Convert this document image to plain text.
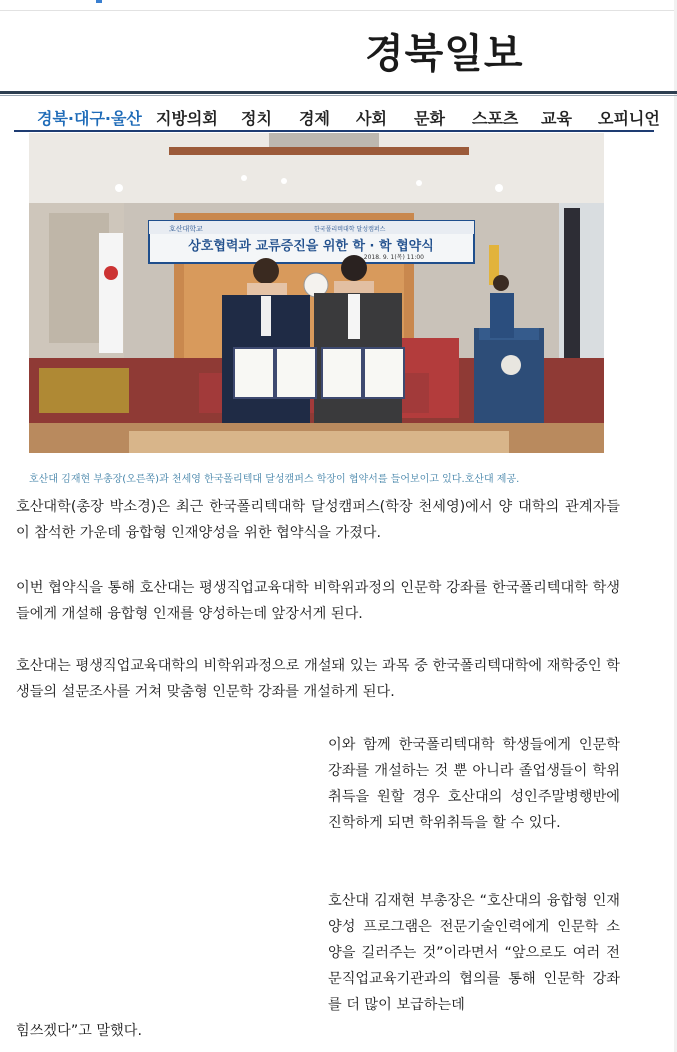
경북일보
경북·대구·울산 지방의회 정치 경제 사회 문화 스포츠 교육 오피니언
호산대학교	한국폴리텍대학 달성캠퍼스
상호협력과 교류증진을 위한 학 · 학 협약식
2018. 9. 1(목) 11:00
호산대 김재현 부총장(오른쪽)과 천세영 한국폴리텍대 달성캠퍼스 학장이 협약서를 들어보이고 있다.호산대 제공.
호산대학(총장 박소경)은 최근 한국폴리텍대학 달성캠퍼스(학장 천세영)에서 양 대학의 관계자들이 참석한 가운데 융합형 인재양성을 위한 협약식을 가졌다.
이번 협약식을 통해 호산대는 평생직업교육대학 비학위과정의 인문학 강좌를 한국폴리텍대학 학생들에게 개설해 융합형 인재를 양성하는데 앞장서게 된다.
호산대는 평생직업교육대학의 비학위과정으로 개설돼 있는 과목 중 한국폴리텍대학에 재학중인 학생들의 설문조사를 거쳐 맞춤형 인문학 강좌를 개설하게 된다.
이와 함께 한국폴리텍대학 학생들에게 인문학 강좌를 개설하는 것 뿐 아니라 졸업생들이 학위취득을 원할 경우 호산대의 성인주말병행반에 진학하게 되면 학위취득을 할 수 있다.
호산대 김재현 부총장은 “호산대의 융합형 인재양성 프로그램은 전문기술인력에게 인문학 소양을 길러주는 것”이라면서 “앞으로도 여러 전문직업교육기관과의 협의를 통해 인문학 강좌를 더 많이 보급하는데
힘쓰겠다”고 말했다.
